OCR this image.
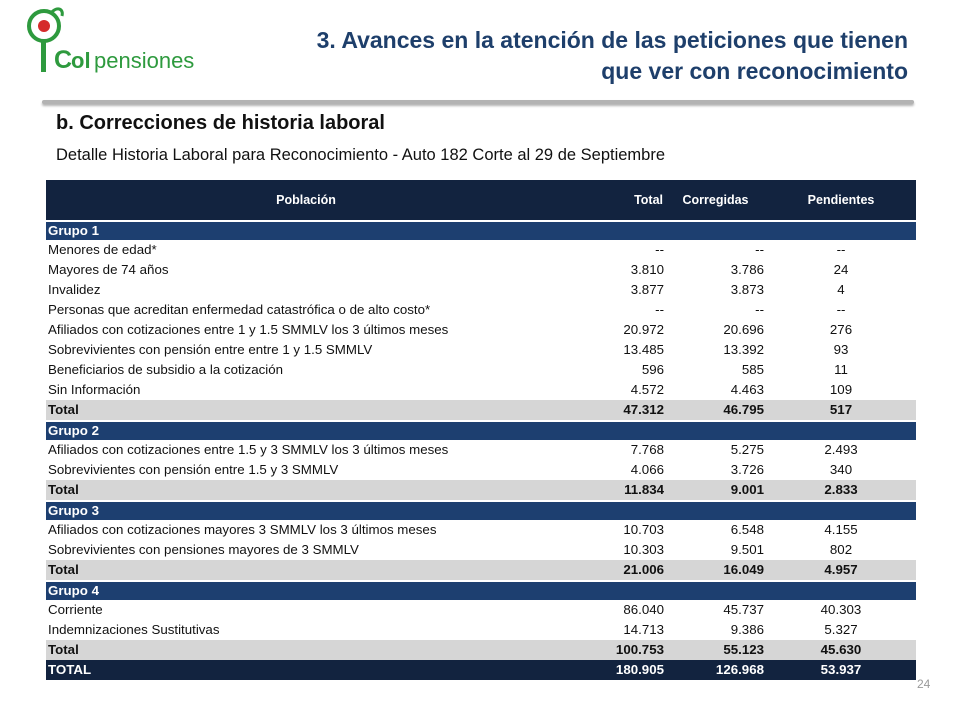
C
ol pensiones
3. Avances en la atención de las peticiones que tienen
que ver con reconocimiento
b. Correcciones de historia laboral
Detalle Historia Laboral para Reconocimiento - Auto 182 Corte al 29 de Septiembre
Población	Total	Corregidas	Pendientes
Grupo 1			
Menores de edad*	--	--	--
Mayores de 74 años	3.810	3.786	24
Invalidez	3.877	3.873	4
Personas que acreditan enfermedad catastrófica o de alto costo*	--	--	--
Afiliados con cotizaciones entre 1 y 1.5 SMMLV los 3 últimos meses	20.972	20.696	276
Sobrevivientes con pensión entre entre 1 y 1.5 SMMLV	13.485	13.392	93
Beneficiarios de subsidio a la cotización	596	585	11
Sin Información	4.572	4.463	109
Total	47.312	46.795	517
Grupo 2			
Afiliados con cotizaciones entre 1.5 y 3 SMMLV los 3 últimos meses	7.768	5.275	2.493
Sobrevivientes con pensión entre 1.5 y 3 SMMLV	4.066	3.726	340
Total	11.834	9.001	2.833
Grupo 3			
Afiliados con cotizaciones mayores 3 SMMLV los 3 últimos meses	10.703	6.548	4.155
Sobrevivientes con pensiones mayores de 3 SMMLV	10.303	9.501	802
Total	21.006	16.049	4.957
Grupo 4			
Corriente	86.040	45.737	40.303
Indemnizaciones Sustitutivas	14.713	9.386	5.327
Total	100.753	55.123	45.630
TOTAL	180.905	126.968	53.937
24
